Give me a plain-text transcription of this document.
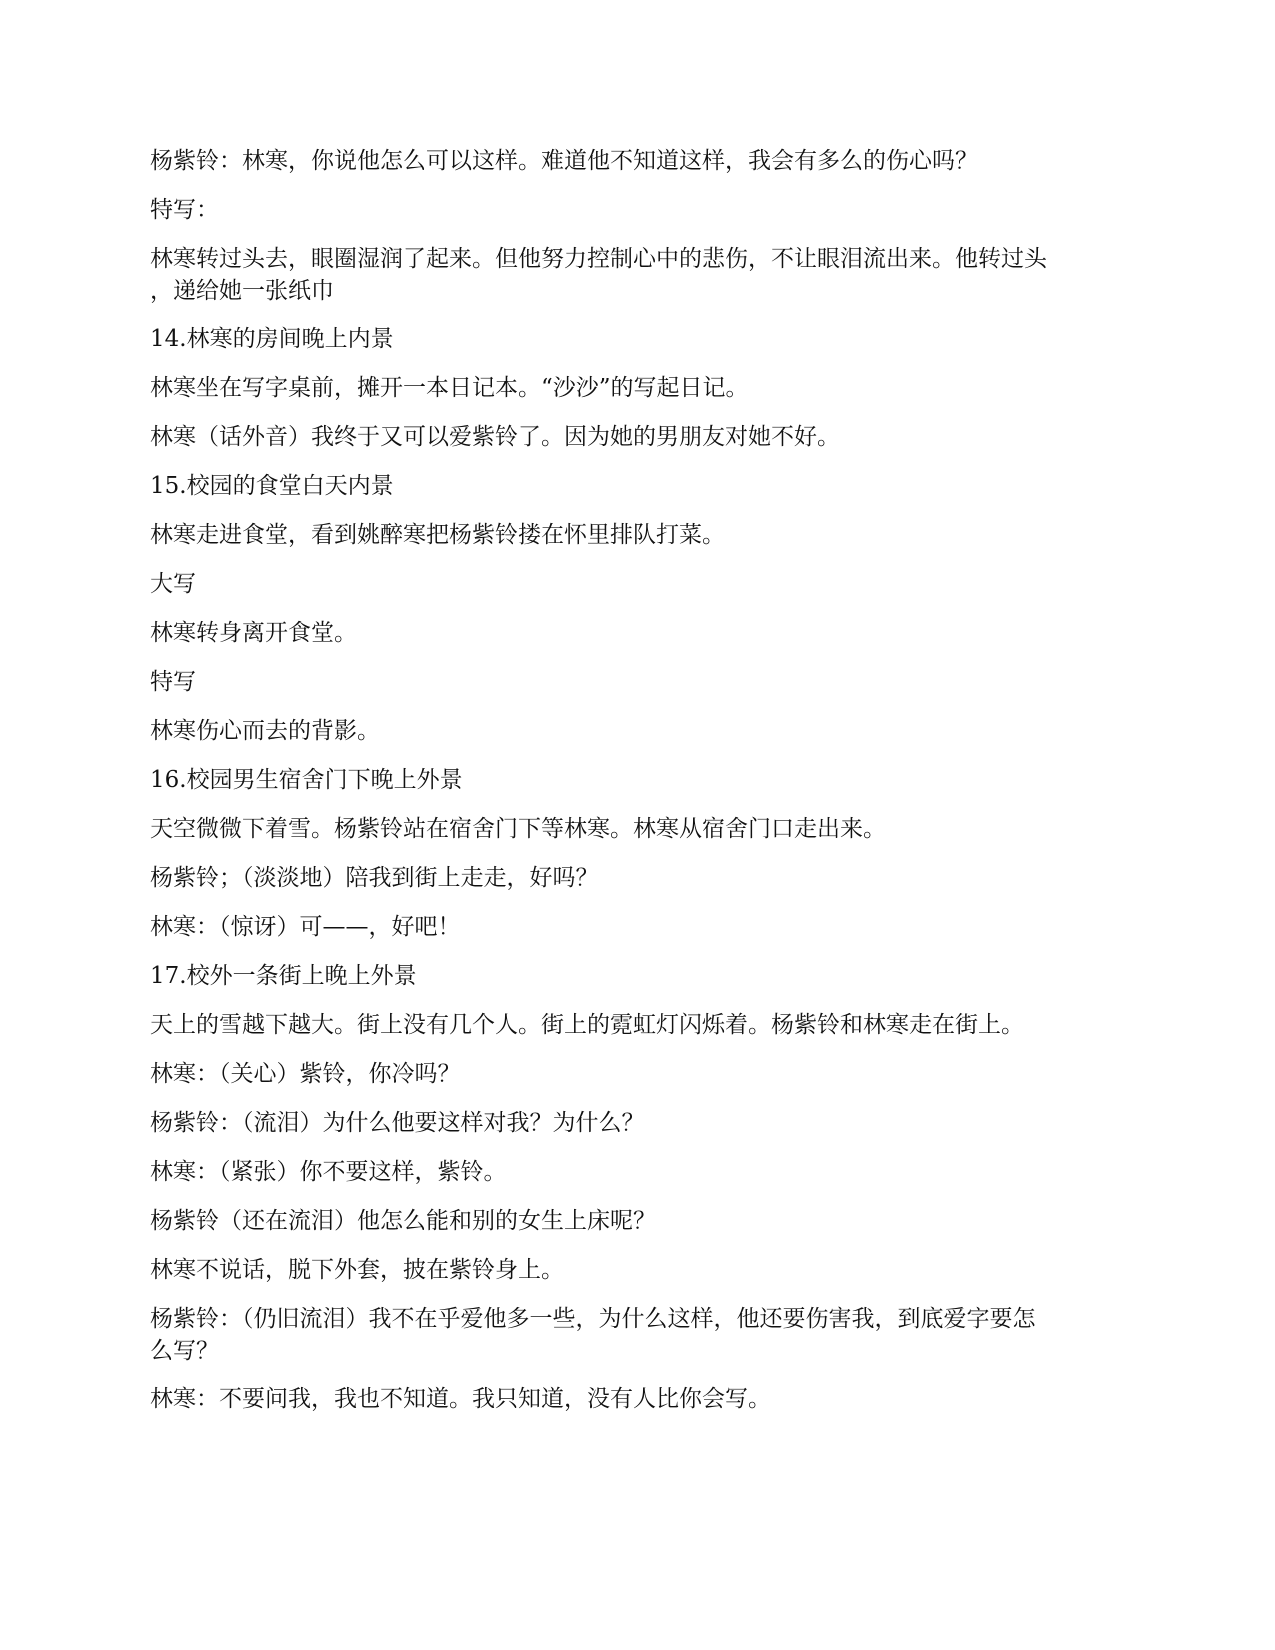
杨紫铃：林寒，你说他怎么可以这样。难道他不知道这样，我会有多么的伤心吗？

特写：

林寒转过头去，眼圈湿润了起来。但他努力控制心中的悲伤，不让眼泪流出来。他转过头
，递给她一张纸巾

14.林寒的房间晚上内景

林寒坐在写字桌前，摊开一本日记本。“沙沙”的写起日记。

林寒（话外音）我终于又可以爱紫铃了。因为她的男朋友对她不好。

15.校园的食堂白天内景

林寒走进食堂，看到姚醉寒把杨紫铃搂在怀里排队打菜。

大写

林寒转身离开食堂。

特写

林寒伤心而去的背影。

16.校园男生宿舍门下晚上外景

天空微微下着雪。杨紫铃站在宿舍门下等林寒。林寒从宿舍门口走出来。

杨紫铃；（淡淡地）陪我到街上走走，好吗？

林寒：（惊讶）可——，好吧！

17.校外一条街上晚上外景

天上的雪越下越大。街上没有几个人。街上的霓虹灯闪烁着。杨紫铃和林寒走在街上。

林寒：（关心）紫铃，你冷吗？

杨紫铃：（流泪）为什么他要这样对我？为什么？

林寒：（紧张）你不要这样，紫铃。

杨紫铃（还在流泪）他怎么能和别的女生上床呢？

林寒不说话，脱下外套，披在紫铃身上。

杨紫铃：（仍旧流泪）我不在乎爱他多一些，为什么这样，他还要伤害我，到底爱字要怎
么写？

林寒：不要问我，我也不知道。我只知道，没有人比你会写。
